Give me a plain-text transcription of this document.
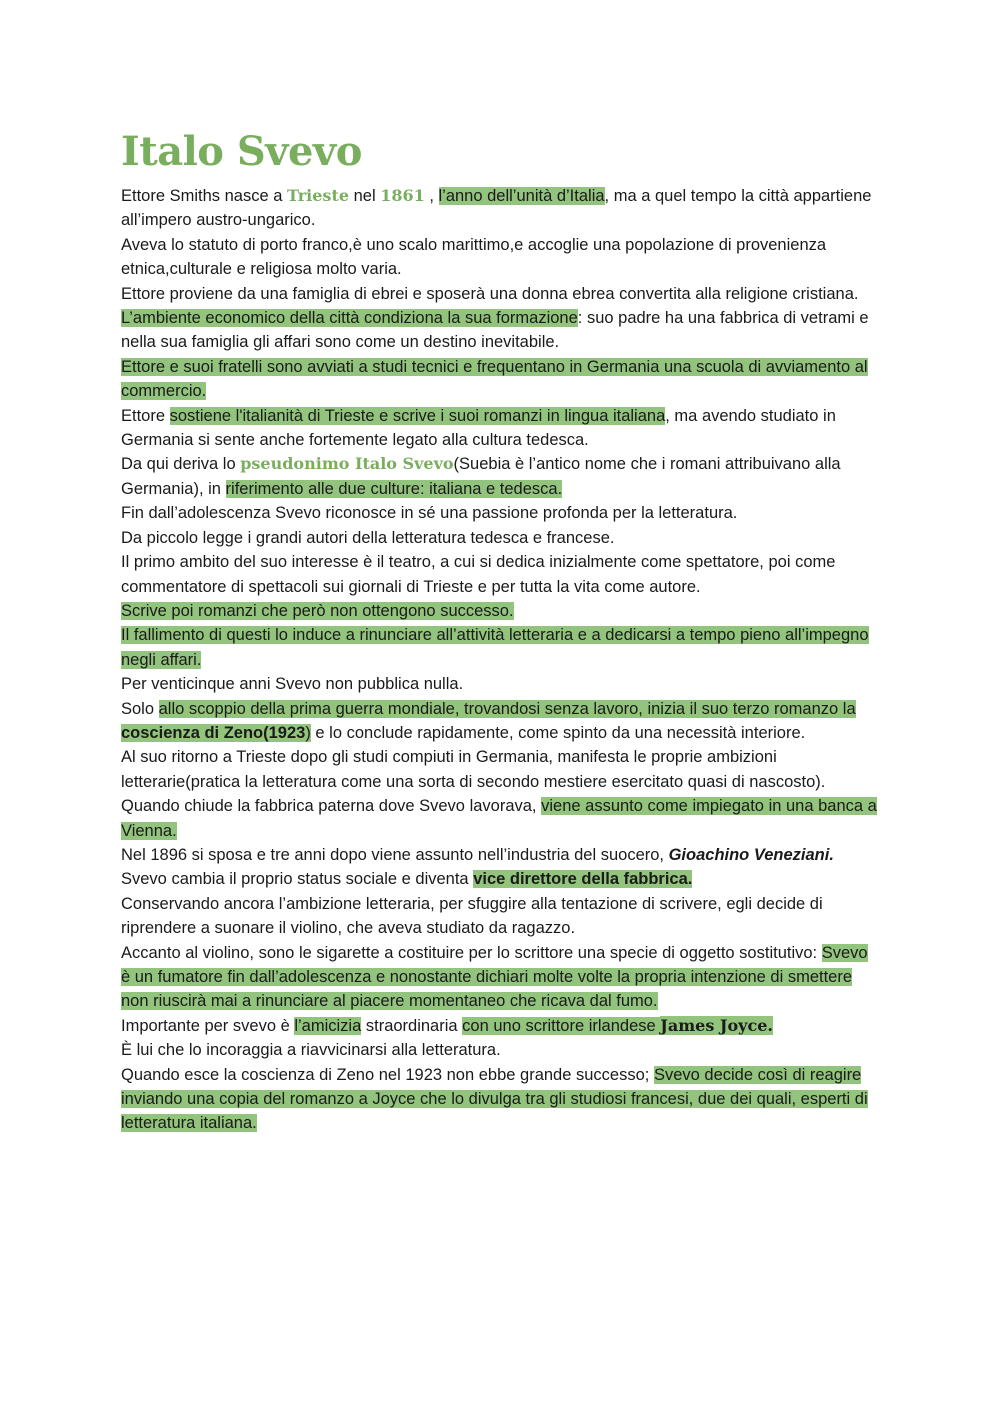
Italo Svevo

Ettore Smiths nasce a Trieste nel 1861 , l’anno dell’unità d’Italia, ma a quel tempo la città appartiene all’impero austro-ungarico.

Aveva lo statuto di porto franco,è uno scalo marittimo,e accoglie una popolazione di provenienza etnica,culturale e religiosa molto varia.

Ettore proviene da una famiglia di ebrei e sposerà una donna ebrea convertita alla religione cristiana.

L’ambiente economico della città condiziona la sua formazione: suo padre ha una fabbrica di vetrami e nella sua famiglia gli affari sono come un destino inevitabile.

Ettore e suoi fratelli sono avviati a studi tecnici e frequentano in Germania una scuola di avviamento al commercio.

Ettore sostiene l'italianità di Trieste e scrive i suoi romanzi in lingua italiana, ma avendo studiato in Germania si sente anche fortemente legato alla cultura tedesca.

Da qui deriva lo pseudonimo Italo Svevo(Suebia è l’antico nome che i romani attribuivano alla Germania), in riferimento alle due culture: italiana e tedesca.

Fin dall’adolescenza Svevo riconosce in sé una passione profonda per la letteratura.

Da piccolo legge i grandi autori della letteratura tedesca e francese.

Il primo ambito del suo interesse è il teatro, a cui si dedica inizialmente come spettatore, poi come commentatore di spettacoli sui giornali di Trieste e per tutta la vita come autore.

Scrive poi romanzi che però non ottengono successo.

Il fallimento di questi lo induce a rinunciare all’attività letteraria e a dedicarsi a tempo pieno all’impegno negli affari.

Per venticinque anni Svevo non pubblica nulla.

Solo allo scoppio della prima guerra mondiale, trovandosi senza lavoro, inizia il suo terzo romanzo la coscienza di Zeno(1923) e lo conclude rapidamente, come spinto da una necessità interiore.

Al suo ritorno a Trieste dopo gli studi compiuti in Germania, manifesta le proprie ambizioni letterarie(pratica la letteratura come una sorta di secondo mestiere esercitato quasi di nascosto).

Quando chiude la fabbrica paterna dove Svevo lavorava, viene assunto come impiegato in una banca a Vienna.

Nel 1896 si sposa e tre anni dopo viene assunto nell’industria del suocero, Gioachino Veneziani.

Svevo cambia il proprio status sociale e diventa vice direttore della fabbrica.

Conservando ancora l’ambizione letteraria, per sfuggire alla tentazione di scrivere, egli decide di riprendere a suonare il violino, che aveva studiato da ragazzo.

Accanto al violino, sono le sigarette a costituire per lo scrittore una specie di oggetto sostitutivo: Svevo è un fumatore fin dall’adolescenza e nonostante dichiari molte volte la propria intenzione di smettere non riuscirà mai a rinunciare al piacere momentaneo che ricava dal fumo.

Importante per svevo è l’amicizia straordinaria con uno scrittore irlandese James Joyce.

È lui che lo incoraggia a riavvicinarsi alla letteratura.

Quando esce la coscienza di Zeno nel 1923 non ebbe grande successo; Svevo decide così di reagire inviando una copia del romanzo a Joyce che lo divulga tra gli studiosi francesi, due dei quali, esperti di letteratura italiana.
